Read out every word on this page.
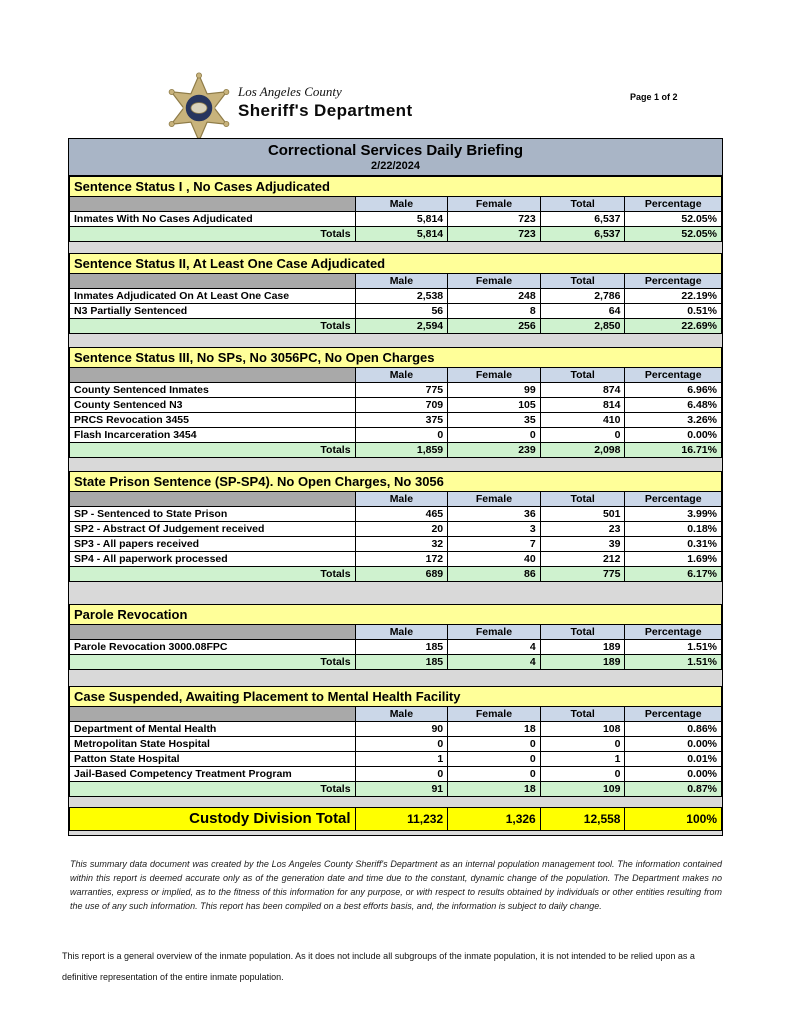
Los Angeles County
Sheriff's Department
Page 1 of 2
Correctional Services Daily Briefing
2/22/2024
Sentence Status I , No Cases Adjudicated
	Male	Female	Total	Percentage
Inmates With No Cases Adjudicated	5,814	723	6,537	52.05%
Totals	5,814	723	6,537	52.05%
Sentence Status II, At Least One Case Adjudicated
	Male	Female	Total	Percentage
Inmates Adjudicated On At Least One Case	2,538	248	2,786	22.19%
N3 Partially Sentenced	56	8	64	0.51%
Totals	2,594	256	2,850	22.69%
Sentence Status III, No SPs, No 3056PC, No Open Charges
	Male	Female	Total	Percentage
County Sentenced Inmates	775	99	874	6.96%
County Sentenced N3	709	105	814	6.48%
PRCS Revocation 3455	375	35	410	3.26%
Flash Incarceration 3454	0	0	0	0.00%
Totals	1,859	239	2,098	16.71%
State Prison Sentence (SP-SP4). No Open Charges, No 3056
	Male	Female	Total	Percentage
SP - Sentenced to State Prison	465	36	501	3.99%
SP2 - Abstract Of Judgement received	20	3	23	0.18%
SP3 - All papers received	32	7	39	0.31%
SP4 - All paperwork processed	172	40	212	1.69%
Totals	689	86	775	6.17%
Parole Revocation
	Male	Female	Total	Percentage
Parole Revocation 3000.08FPC	185	4	189	1.51%
Totals	185	4	189	1.51%
Case Suspended, Awaiting Placement to Mental Health Facility
	Male	Female	Total	Percentage
Department of Mental Health	90	18	108	0.86%
Metropolitan State Hospital	0	0	0	0.00%
Patton State Hospital	1	0	1	0.01%
Jail-Based Competency Treatment Program	0	0	0	0.00%
Totals	91	18	109	0.87%
Custody Division Total	11,232	1,326	12,558	100%

This summary data document was created by the Los Angeles County Sheriff's Department as an internal population management tool. The information contained within this report is deemed accurate only as of the generation date and time due to the constant, dynamic change of the population. The Department makes no warranties, express or implied, as to the fitness of this information for any purpose, or with respect to results obtained by individuals or other entities resulting from the use of any such information. This report has been compiled on a best efforts basis, and, the information is subject to daily change.

This report is a general overview of the inmate population. As it does not include all subgroups of the inmate population, it is not intended to be relied upon as a definitive representation of the entire inmate population.
